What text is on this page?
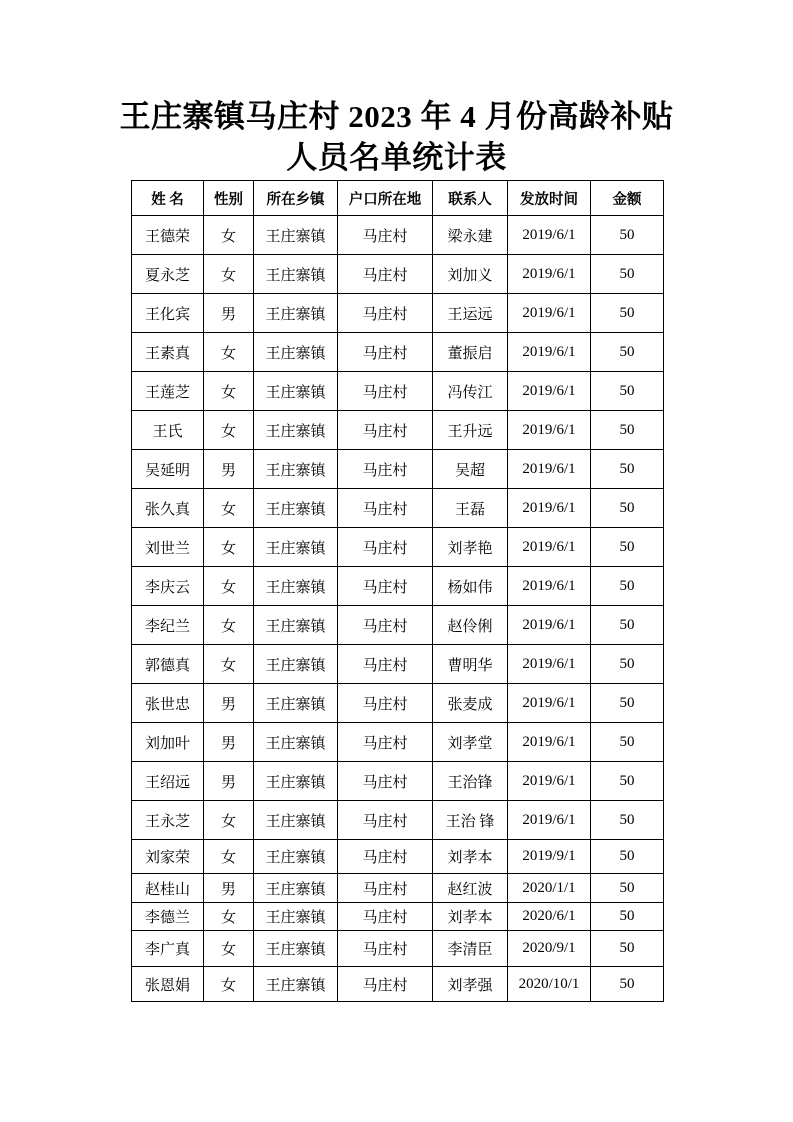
王庄寨镇马庄村 2023 年 4 月份高龄补贴
人员名单统计表
姓 名	性别	所在乡镇	户口所在地	联系人	发放时间	金额
王德荣	女	王庄寨镇	马庄村	梁永建	2019/6/1	50
夏永芝	女	王庄寨镇	马庄村	刘加义	2019/6/1	50
王化宾	男	王庄寨镇	马庄村	王运远	2019/6/1	50
王素真	女	王庄寨镇	马庄村	董振启	2019/6/1	50
王莲芝	女	王庄寨镇	马庄村	冯传江	2019/6/1	50
王氏	女	王庄寨镇	马庄村	王升远	2019/6/1	50
吴延明	男	王庄寨镇	马庄村	吴超	2019/6/1	50
张久真	女	王庄寨镇	马庄村	王磊	2019/6/1	50
刘世兰	女	王庄寨镇	马庄村	刘孝艳	2019/6/1	50
李庆云	女	王庄寨镇	马庄村	杨如伟	2019/6/1	50
李纪兰	女	王庄寨镇	马庄村	赵伶俐	2019/6/1	50
郭德真	女	王庄寨镇	马庄村	曹明华	2019/6/1	50
张世忠	男	王庄寨镇	马庄村	张麦成	2019/6/1	50
刘加叶	男	王庄寨镇	马庄村	刘孝堂	2019/6/1	50
王绍远	男	王庄寨镇	马庄村	王治锋	2019/6/1	50
王永芝	女	王庄寨镇	马庄村	王治 锋	2019/6/1	50
刘家荣	女	王庄寨镇	马庄村	刘孝本	2019/9/1	50
赵桂山	男	王庄寨镇	马庄村	赵红波	2020/1/1	50
李德兰	女	王庄寨镇	马庄村	刘孝本	2020/6/1	50
李广真	女	王庄寨镇	马庄村	李清臣	2020/9/1	50
张恩娟	女	王庄寨镇	马庄村	刘孝强	2020/10/1	50
